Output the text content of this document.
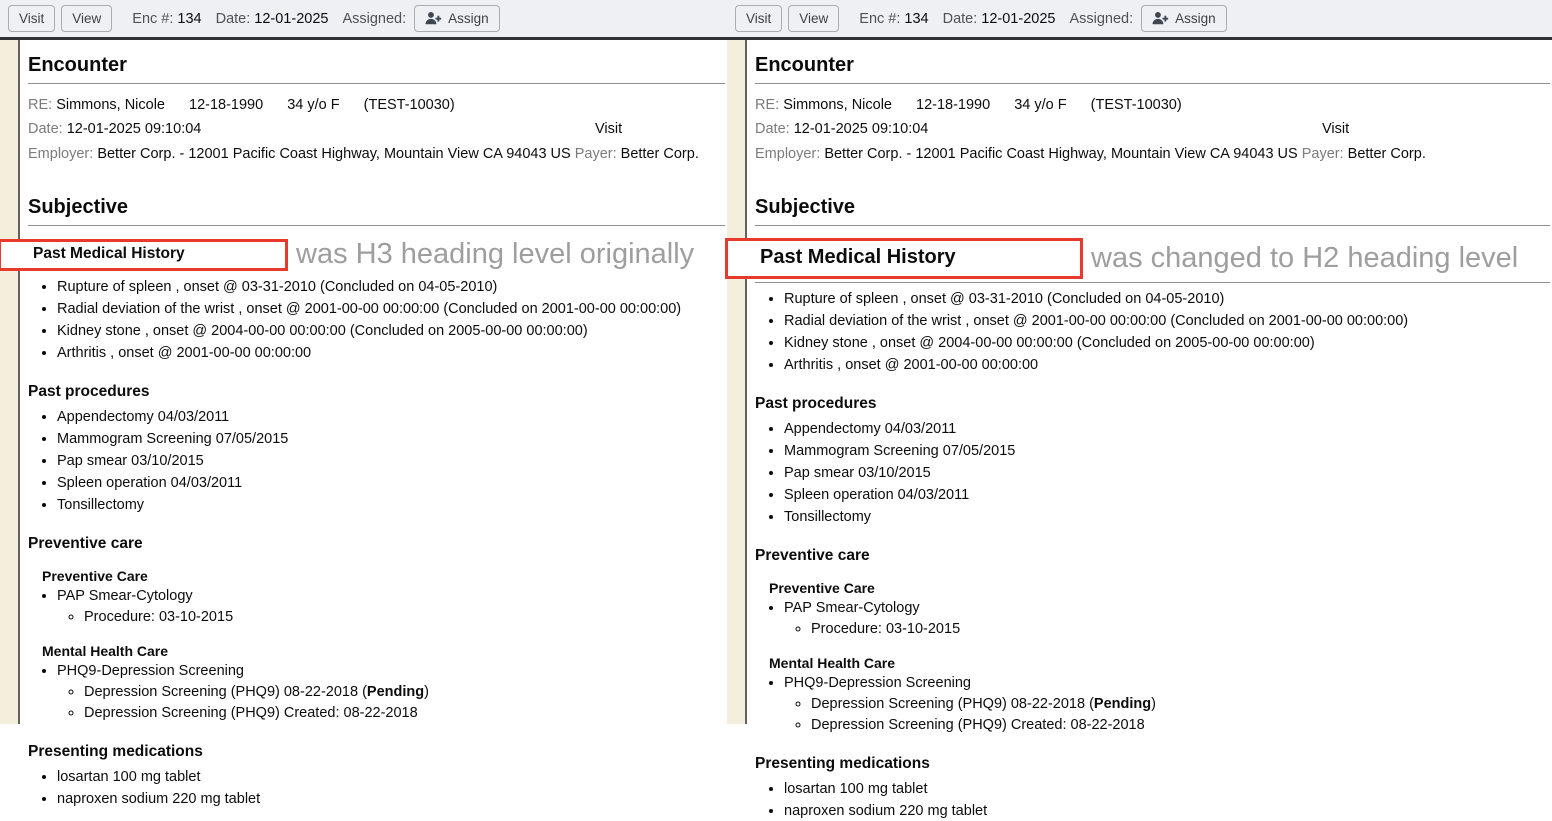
Visit	View	Enc #: 134 Date: 12-01-2025 Assigned:	Assign
Encounter
RE: Simmons, Nicole 12-18-1990 34 y/o F (TEST-10030)
Date: 12-01-2025 09:10:04	Visit
Employer: Better Corp. - 12001 Pacific Coast Highway, Mountain View CA 94043 US Payer: Better Corp.
Subjective
Past Medical History	was H3 heading level originally
• Rupture of spleen , onset @ 03-31-2010 (Concluded on 04-05-2010)
• Radial deviation of the wrist , onset @ 2001-00-00 00:00:00 (Concluded on 2001-00-00 00:00:00)
• Kidney stone , onset @ 2004-00-00 00:00:00 (Concluded on 2005-00-00 00:00:00)
• Arthritis , onset @ 2001-00-00 00:00:00
Past procedures
• Appendectomy 04/03/2011
• Mammogram Screening 07/05/2015
• Pap smear 03/10/2015
• Spleen operation 04/03/2011
• Tonsillectomy
Preventive care
Preventive Care
• PAP Smear-Cytology
◦ Procedure: 03-10-2015
Mental Health Care
• PHQ9-Depression Screening
◦ Depression Screening (PHQ9) 08-22-2018 (Pending)
◦ Depression Screening (PHQ9) Created: 08-22-2018
Presenting medications
• losartan 100 mg tablet
• naproxen sodium 220 mg tablet
Visit	View	Enc #: 134 Date: 12-01-2025 Assigned:	Assign
Encounter
RE: Simmons, Nicole 12-18-1990 34 y/o F (TEST-10030)
Date: 12-01-2025 09:10:04	Visit
Employer: Better Corp. - 12001 Pacific Coast Highway, Mountain View CA 94043 US Payer: Better Corp.
Subjective
Past Medical History	was changed to H2 heading level
• Rupture of spleen , onset @ 03-31-2010 (Concluded on 04-05-2010)
• Radial deviation of the wrist , onset @ 2001-00-00 00:00:00 (Concluded on 2001-00-00 00:00:00)
• Kidney stone , onset @ 2004-00-00 00:00:00 (Concluded on 2005-00-00 00:00:00)
• Arthritis , onset @ 2001-00-00 00:00:00
Past procedures
• Appendectomy 04/03/2011
• Mammogram Screening 07/05/2015
• Pap smear 03/10/2015
• Spleen operation 04/03/2011
• Tonsillectomy
Preventive care
Preventive Care
• PAP Smear-Cytology
◦ Procedure: 03-10-2015
Mental Health Care
• PHQ9-Depression Screening
◦ Depression Screening (PHQ9) 08-22-2018 (Pending)
◦ Depression Screening (PHQ9) Created: 08-22-2018
Presenting medications
• losartan 100 mg tablet
• naproxen sodium 220 mg tablet
